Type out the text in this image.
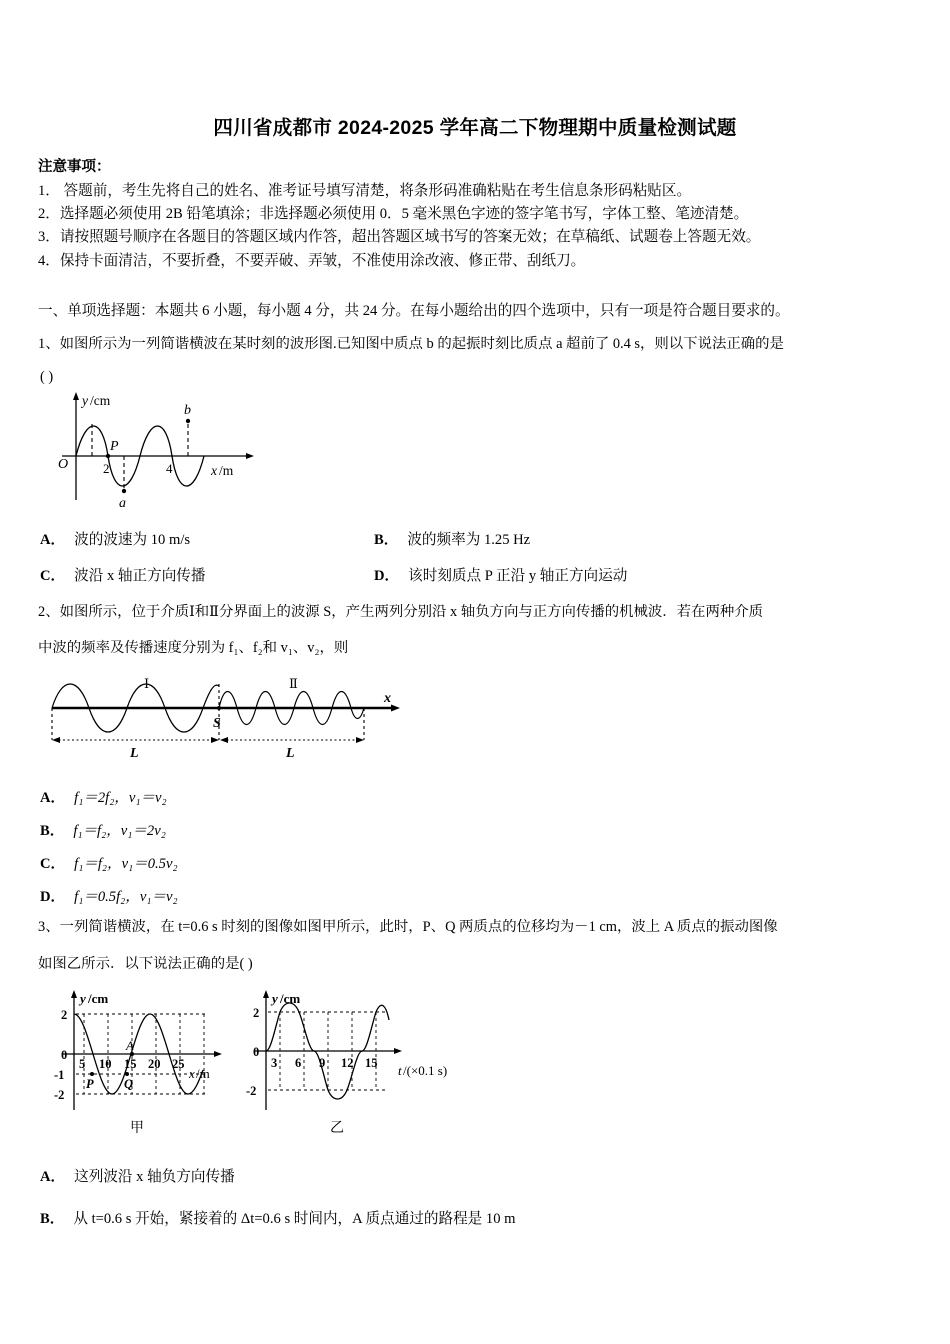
四川省成都市 2024-2025 学年高二下物理期中质量检测试题
注意事项：
1． 答题前，考生先将自己的姓名、准考证号填写清楚，将条形码准确粘贴在考生信息条形码粘贴区。
2．选择题必须使用 2B 铅笔填涂；非选择题必须使用 0．5 毫米黑色字迹的签字笔书写，字体工整、笔迹清楚。
3．请按照题号顺序在各题目的答题区域内作答，超出答题区域书写的答案无效；在草稿纸、试题卷上答题无效。
4．保持卡面清洁，不要折叠，不要弄破、弄皱，不准使用涂改液、修正带、刮纸刀。
一、单项选择题：本题共 6 小题，每小题 4 分，共 24 分。在每小题给出的四个选项中，只有一项是符合题目要求的。
1、如图所示为一列简谐横波在某时刻的波形图.已知图中质点 b 的起振时刻比质点 a 超前了 0.4 s，则以下说法正确的是
( )
y /cm
O	2	4	x /m
P
a
b
A． 波的波速为 10 m/s	B． 波的频率为 1.25 Hz
C． 波沿 x 轴正方向传播	D． 该时刻质点 P 正沿 y 轴正方向运动
2、如图所示，位于介质Ⅰ和Ⅱ分界面上的波源 S，产生两列分别沿 x 轴负方向与正方向传播的机械波．若在两种介质
中波的频率及传播速度分别为 f₁、f₂和 v₁、v₂，则
Ⅰ	Ⅱ
S
L	L
x
A． f₁＝2f₂，v₁＝v₂
B． f₁＝f₂，v₁＝2v₂
C． f₁＝f₂，v₁＝0.5v₂
D． f₁＝0.5f₂，v₁＝v₂
3、一列简谐横波，在 t=0.6 s 时刻的图像如图甲所示，此时，P、Q 两质点的位移均为－1 cm，波上 A 质点的振动图像
如图乙所示．以下说法正确的是( )
2
0
-1
-2
5 10 15 20 25
y /cm
x /m
A
P Q
甲
2
0
-2
3 6 9 12 15
y /cm
t /(×0.1 s)
乙
A． 这列波沿 x 轴负方向传播
B． 从 t=0.6 s 开始，紧接着的 Δt=0.6 s 时间内，A 质点通过的路程是 10 m
